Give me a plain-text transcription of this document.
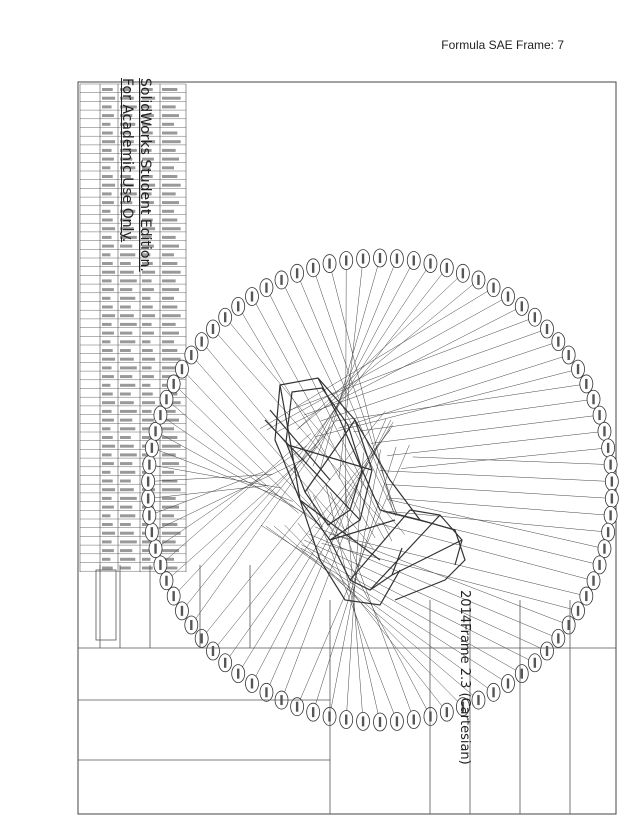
Formula SAE Frame: 7
SolidWorks Student Edition.
For Academic Use Only.
2014Frame 2.3 (Cartesian)
